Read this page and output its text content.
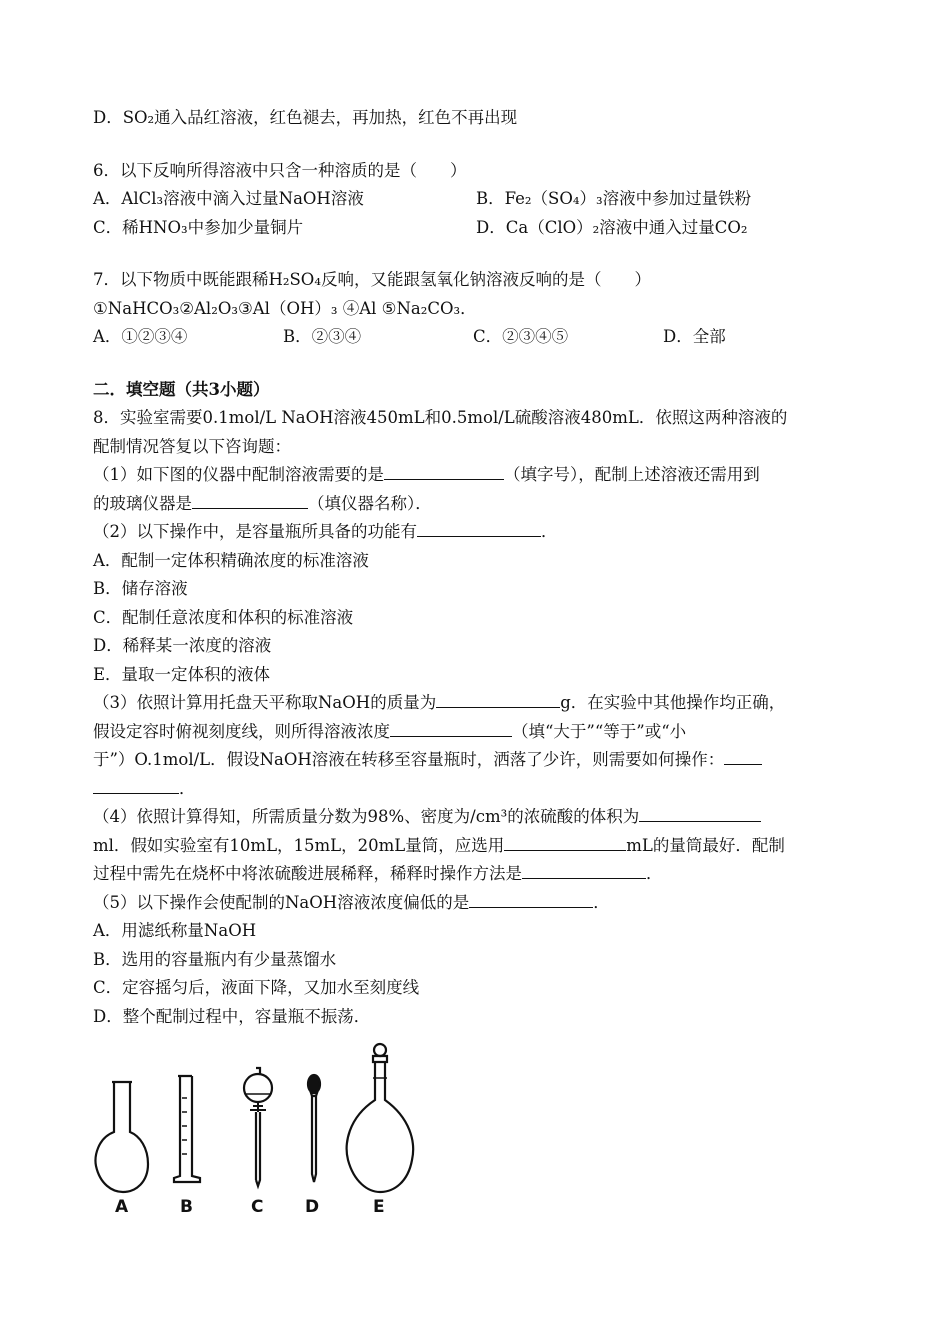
D．SO₂通入品红溶液，红色褪去，再加热，红色不再出现
6．以下反响所得溶液中只含一种溶质的是（　　）
A．AlCl₃溶液中滴入过量NaOH溶液	B．Fe₂（SO₄）₃溶液中参加过量铁粉
C．稀HNO₃中参加少量铜片	D．Ca（ClO）₂溶液中通入过量CO₂
7．以下物质中既能跟稀H₂SO₄反响，又能跟氢氧化钠溶液反响的是（　　）
①NaHCO₃②Al₂O₃③Al（OH）₃ ④Al ⑤Na₂CO₃．
A．①②③④	B．②③④	C．②③④⑤	D．全部
二．填空题（共3小题）
8．实验室需要0.1mol/L NaOH溶液450mL和0.5mol/L硫酸溶液480mL．依照这两种溶液的
配制情况答复以下咨询题：
（1）如下图的仪器中配制溶液需要的是	（填字号），配制上述溶液还需用到
的玻璃仪器是	（填仪器名称）．
（2）以下操作中，是容量瓶所具备的功能有	．
A．配制一定体积精确浓度的标准溶液
B．储存溶液
C．配制任意浓度和体积的标准溶液
D．稀释某一浓度的溶液
E．量取一定体积的液体
（3）依照计算用托盘天平称取NaOH的质量为	g．在实验中其他操作均正确，
假设定容时俯视刻度线，则所得溶液浓度	（填“大于”“等于”或“小
于”）O.1mol/L．假设NaOH溶液在转移至容量瓶时，洒落了少许，则需要如何操作：
．
（4）依照计算得知，所需质量分数为98%、密度为/cm³的浓硫酸的体积为
ml．假如实验室有10mL，15mL，20mL量筒，应选用	mL的量筒最好．配制
过程中需先在烧杯中将浓硫酸进展稀释，稀释时操作方法是	．
（5）以下操作会使配制的NaOH溶液浓度偏低的是	．
A．用滤纸称量NaOH
B．选用的容量瓶内有少量蒸馏水
C．定容摇匀后，液面下降，又加水至刻度线
D．整个配制过程中，容量瓶不振荡．
A	B	C D	E
